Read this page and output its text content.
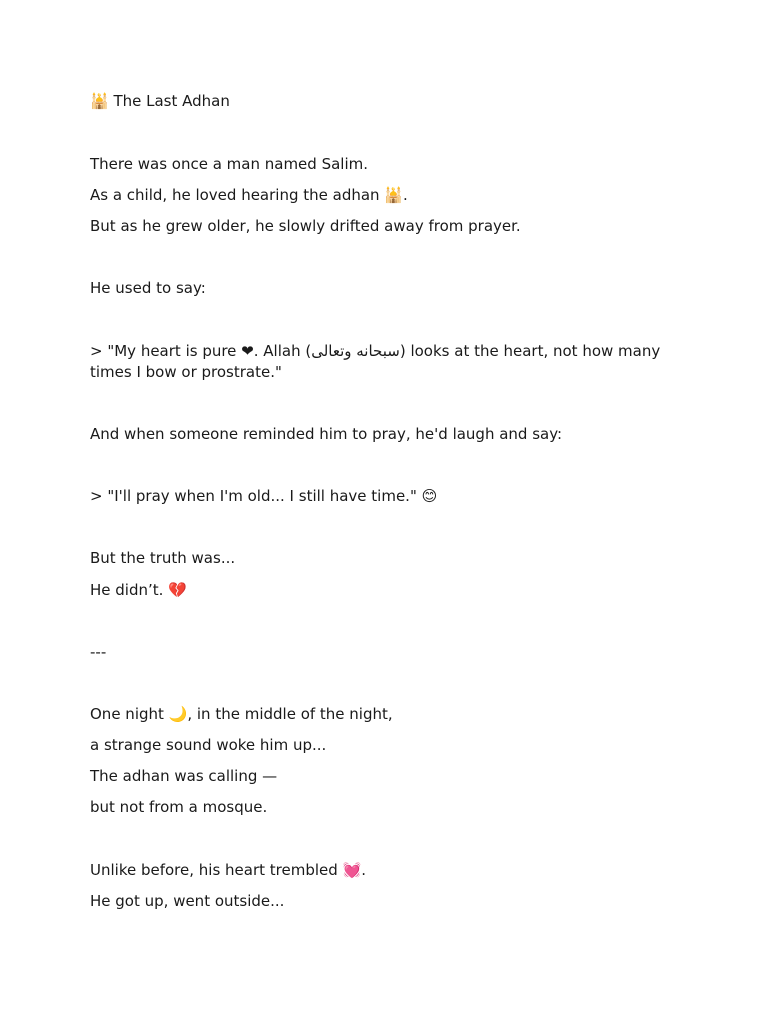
🕌 The Last Adhan
There was once a man named Salim.
As a child, he loved hearing the adhan 🕌.
But as he grew older, he slowly drifted away from prayer.
He used to say:
> "My heart is pure ❤. Allah (سبحانه وتعالى) looks at the heart, not how many times I bow or prostrate."
And when someone reminded him to pray, he'd laugh and say:
> "I'll pray when I'm old... I still have time." 😊
But the truth was...
He didn’t. 💔
---
One night 🌙, in the middle of the night,
a strange sound woke him up...
The adhan was calling —
but not from a mosque.
Unlike before, his heart trembled 💓.
He got up, went outside...
